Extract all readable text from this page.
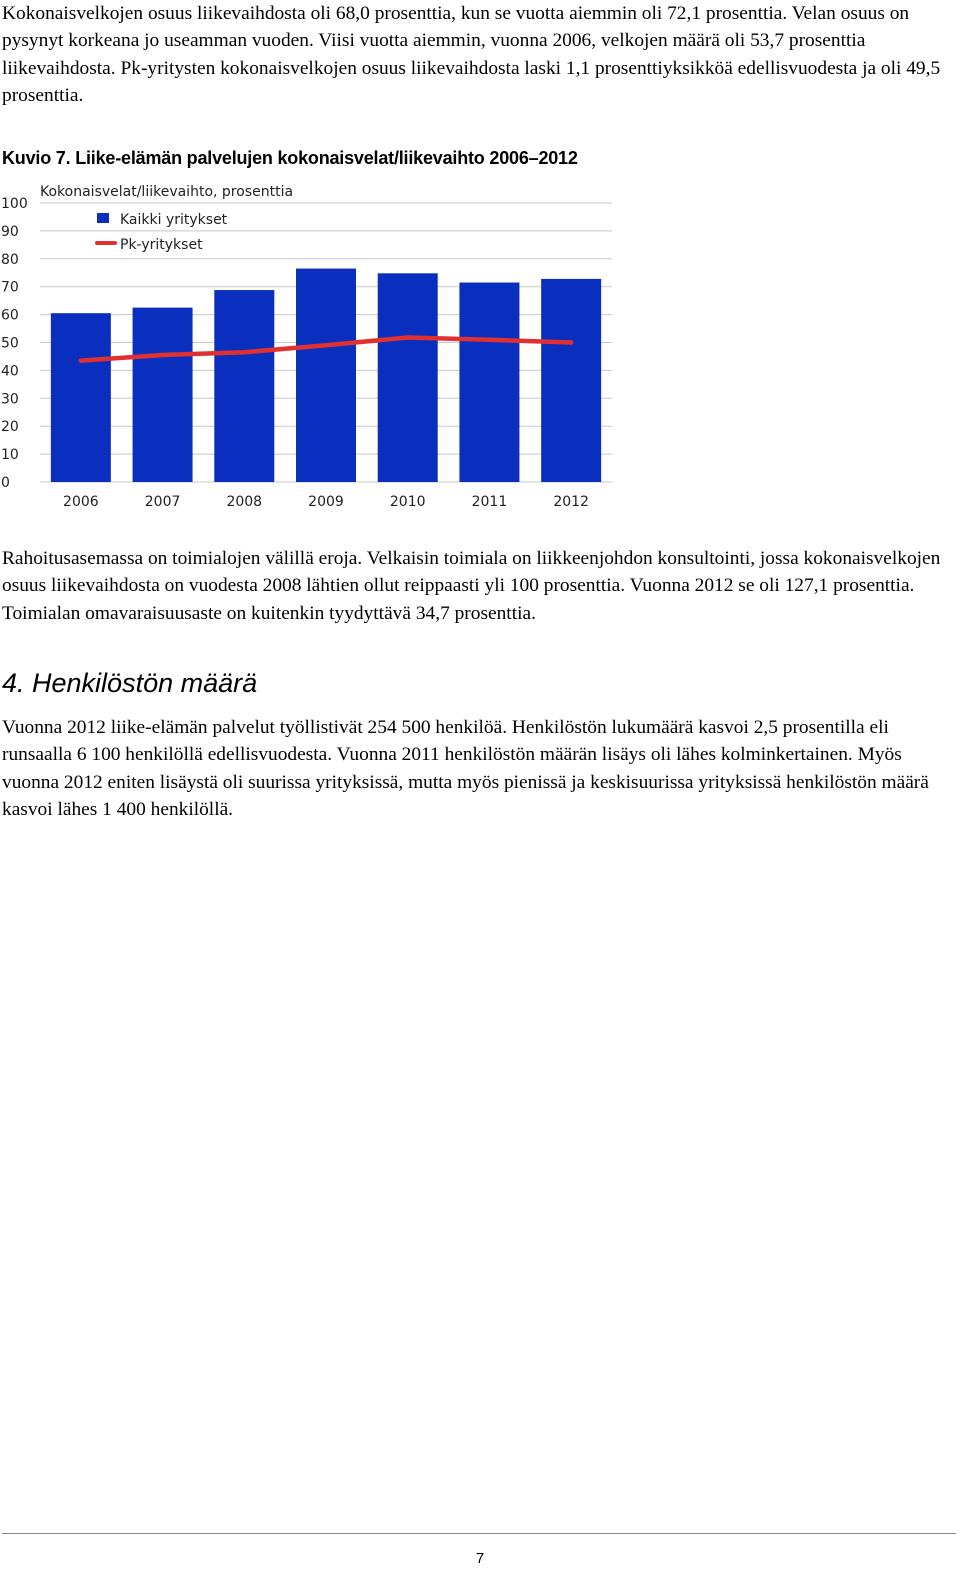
Kokonaisvelkojen osuus liikevaihdosta oli 68,0 prosenttia, kun se vuotta aiemmin oli 72,1 prosenttia. Velan osuus on pysynyt korkeana jo useamman vuoden. Viisi vuotta aiemmin, vuonna 2006, velkojen määrä oli 53,7 prosenttia liikevaihdosta. Pk-yritysten kokonaisvelkojen osuus liikevaihdosta laski 1,1 prosenttiyksikköä edellisvuodesta ja oli 49,5 prosenttia.

Kuvio 7. Liike-elämän palvelujen kokonaisvelat/liikevaihto 2006–2012
0
10
20
30
40
50
60
70
80
90
100
2006	2007	2008	2009	2010	2011	2012
Kokonaisvelat/liikevaihto, prosenttia
Kaikki yritykset
Pk-yritykset

Rahoitusasemassa on toimialojen välillä eroja. Velkaisin toimiala on liikkeenjohdon konsultointi, jossa kokonaisvelkojen osuus liikevaihdosta on vuodesta 2008 lähtien ollut reippaasti yli 100 prosenttia. Vuonna 2012 se oli 127,1 prosenttia. Toimialan omavaraisuusaste on kuitenkin tyydyttävä 34,7 prosenttia.

4. Henkilöstön määrä

Vuonna 2012 liike-elämän palvelut työllistivät 254 500 henkilöä. Henkilöstön lukumäärä kasvoi 2,5 prosentilla eli runsaalla 6 100 henkilöllä edellisvuodesta. Vuonna 2011 henkilöstön määrän lisäys oli lähes kolminkertainen. Myös vuonna 2012 eniten lisäystä oli suurissa yrityksissä, mutta myös pienissä ja keskisuurissa yrityksissä henkilöstön määrä kasvoi lähes 1 400 henkilöllä.

7
